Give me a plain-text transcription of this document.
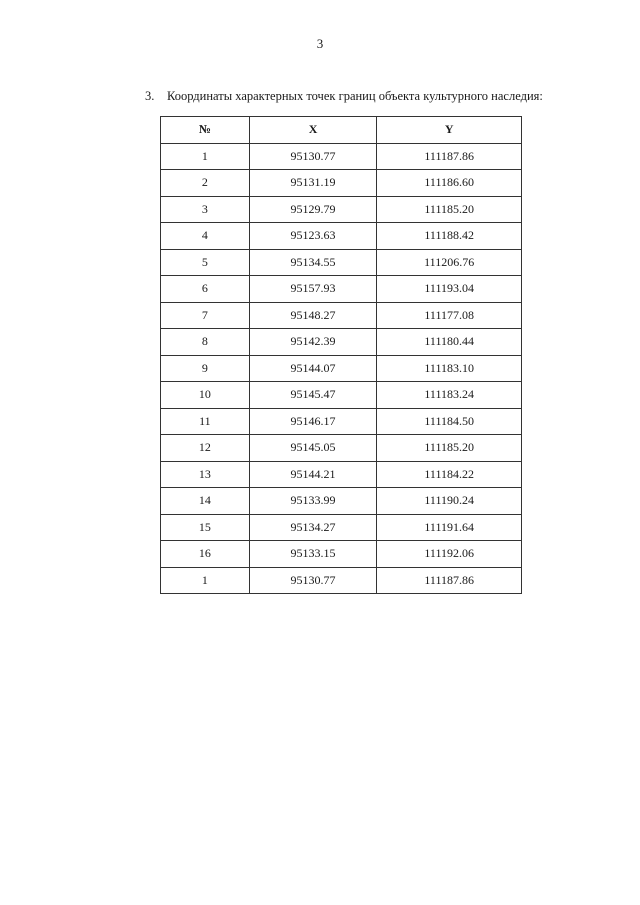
3
3. Координаты характерных точек границ объекта культурного наследия:
№	X	Y
1	95130.77	111187.86
2	95131.19	111186.60
3	95129.79	111185.20
4	95123.63	111188.42
5	95134.55	111206.76
6	95157.93	111193.04
7	95148.27	111177.08
8	95142.39	111180.44
9	95144.07	111183.10
10	95145.47	111183.24
11	95146.17	111184.50
12	95145.05	111185.20
13	95144.21	111184.22
14	95133.99	111190.24
15	95134.27	111191.64
16	95133.15	111192.06
1	95130.77	111187.86
